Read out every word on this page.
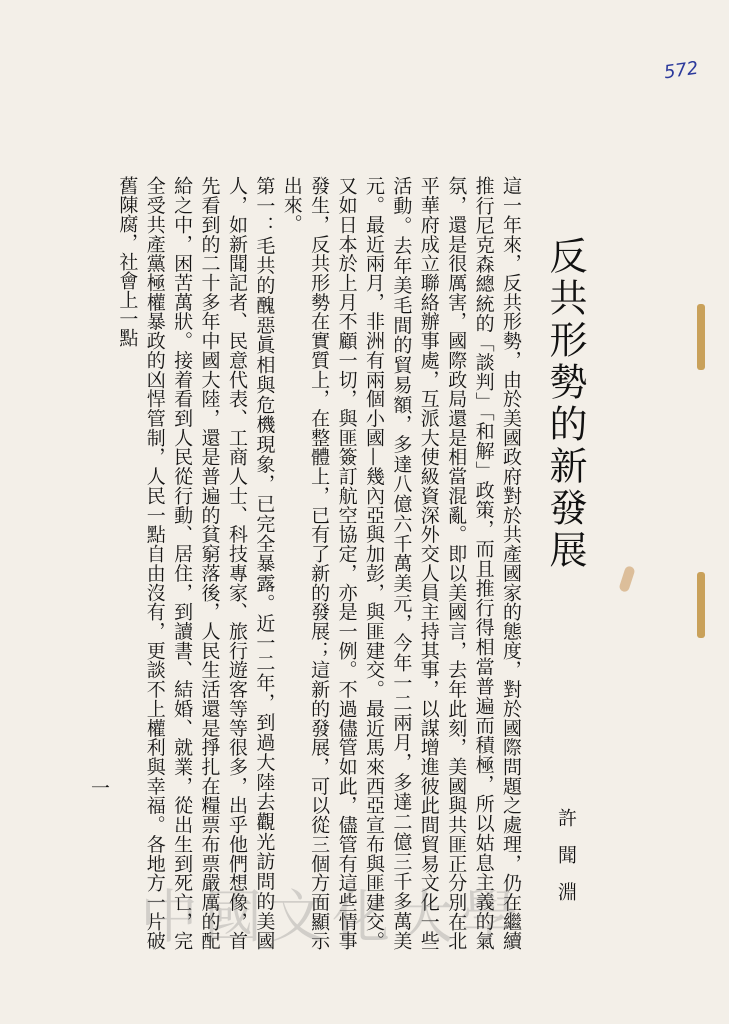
572
反共形勢的新發展
許聞淵

這一年來，反共形勢，由於美國政府對於共產國家的態度，對於國際問題之處理，仍在繼續推行尼克森總統的「談判」「和解」政策，而且推行得相當普遍而積極，所以姑息主義的氣氛，還是很厲害，國際政局還是相當混亂。即以美國言，去年此刻，美國與共匪正分別在北平華府成立聯絡辦事處，互派大使級資深外交人員主持其事，以謀增進彼此間貿易文化一些活動。去年美毛間的貿易額，多達八億六千萬美元，今年一二兩月，多達二億三千多萬美元。最近兩月，非洲有兩個小國—幾內亞與加彭，與匪建交。最近馬來西亞宣布與匪建交。又如日本於上月不顧一切，與匪簽訂航空協定，亦是一例。不過儘管如此，儘管有這些情事發生，反共形勢在實質上，在整體上，已有了新的發展；這新的發展，可以從三個方面顯示出來。

第一：毛共的醜惡眞相與危機現象，已完全暴露。近一二年，到過大陸去觀光訪問的美國人，如新聞記者、民意代表、工商人士、科技專家、旅行遊客等等很多，出乎他們想像，首先看到的二十多年中國大陸，還是普遍的貧窮落後，人民生活還是掙扎在糧票布票嚴厲的配給之中，困苦萬狀。接着看到人民從行動、居住，到讀書、結婚、就業，從出生到死亡，完全受共產黨極權暴政的凶悍管制，人民一點自由沒有，更談不上權利與幸福。各地方一片破舊陳腐，社會上一點

一
中國文化大學
